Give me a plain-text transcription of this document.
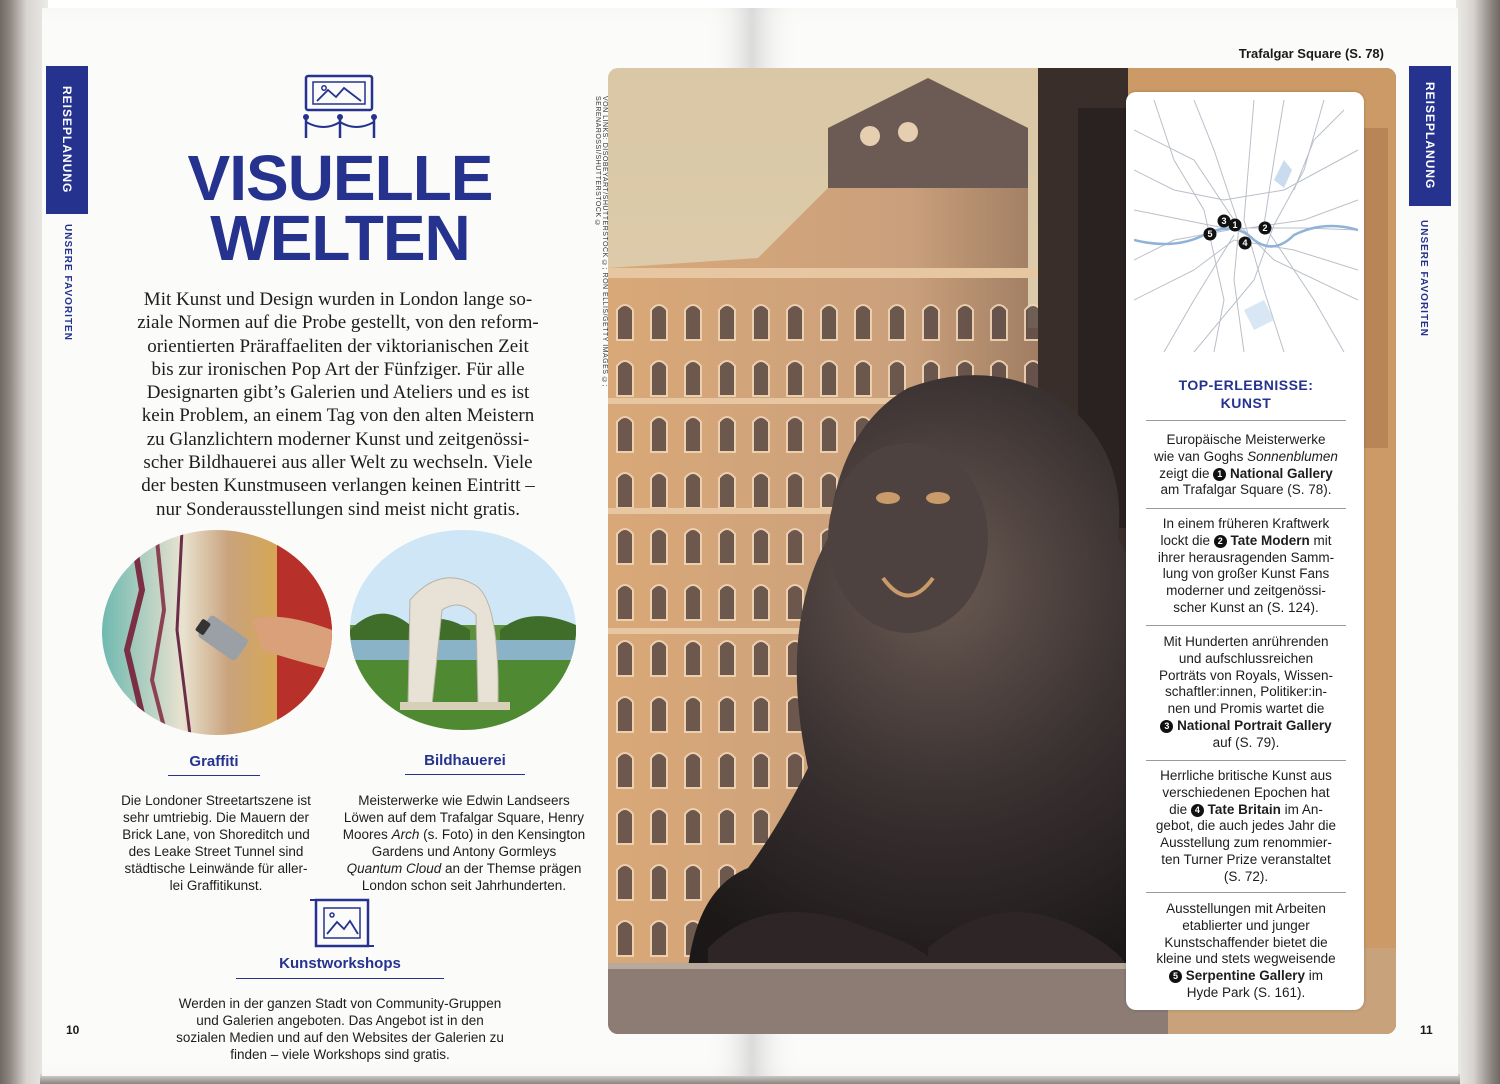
REISEPLANUNG
UNSERE FAVORITEN
VISUELLE
WELTEN
Mit Kunst und Design wurden in London lange so-
ziale Normen auf die Probe gestellt, von den reform-
orientierten Präraffaeliten der viktorianischen Zeit
bis zur ironischen Pop Art der Fünfziger. Für alle
Designarten gibt’s Galerien und Ateliers und es ist
kein Problem, an einem Tag von den alten Meistern
zu Glanzlichtern moderner Kunst und zeitgenössi-
scher Bildhauerei aus aller Welt zu wechseln. Viele
der besten Kunstmuseen verlangen keinen Eintritt –
nur Sonderausstellungen sind meist nicht gratis.
Graffiti
Die Londoner Streetartszene ist
sehr umtriebig. Die Mauern der
Brick Lane, von Shoreditch und
des Leake Street Tunnel sind
städtische Leinwände für aller-
lei Graffitikunst.
Bildhauerei
Meisterwerke wie Edwin Landseers
Löwen auf dem Trafalgar Square, Henry
Moores Arch (s. Foto) in den Kensington
Gardens und Antony Gormleys
Quantum Cloud an der Themse prägen
London schon seit Jahrhunderten.
Kunstworkshops
Werden in der ganzen Stadt von Community-Gruppen
und Galerien angeboten. Das Angebot ist in den
sozialen Medien und auf den Websites der Galerien zu
finden – viele Workshops sind gratis.
10
VON LINKS: DISOBEYART/SHUTTERSTOCK ©; RON ELLIS/GETTY IMAGES ©; SERENAROSSI/SHUTTERSTOCK ©
Trafalgar Square (S. 78)
REISEPLANUNG
UNSERE FAVORITEN
1	2
3
4
5
TOP-ERLEBNISSE:
KUNST
Europäische Meisterwerke
wie van Goghs Sonnenblumen
zeigt die 1 National Gallery
am Trafalgar Square (S. 78).
In einem früheren Kraftwerk
lockt die 2 Tate Modern mit
ihrer herausragenden Samm-
lung von großer Kunst Fans
moderner und zeitgenössi-
scher Kunst an (S. 124).
Mit Hunderten anrührenden
und aufschlussreichen
Porträts von Royals, Wissen-
schaftler:innen, Politiker:in-
nen und Promis wartet die
3 National Portrait Gallery
auf (S. 79).
Herrliche britische Kunst aus
verschiedenen Epochen hat
die 4 Tate Britain im An-
gebot, die auch jedes Jahr die
Ausstellung zum renommier-
ten Turner Prize veranstaltet
(S. 72).
Ausstellungen mit Arbeiten
etablierter und junger
Kunstschaffender bietet die
kleine und stets wegweisende
5 Serpentine Gallery im
Hyde Park (S. 161).
11
